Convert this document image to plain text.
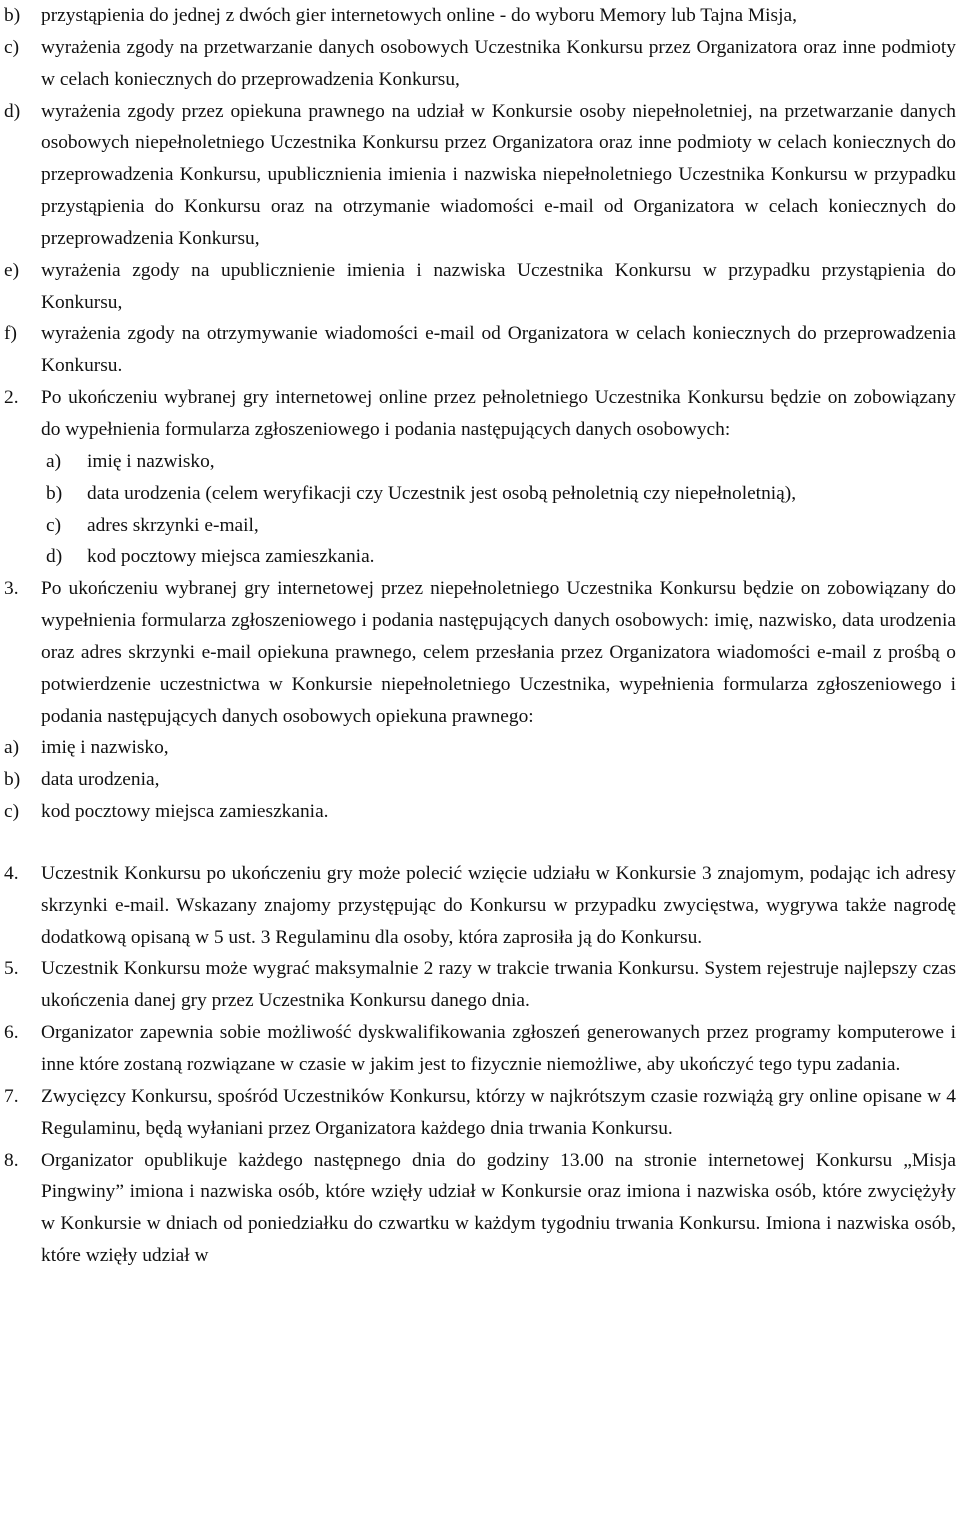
b) przystąpienia do jednej z dwóch gier internetowych online - do wyboru Memory lub Tajna Misja,
c) wyrażenia zgody na przetwarzanie danych osobowych Uczestnika Konkursu przez Organizatora oraz inne podmioty w celach koniecznych do przeprowadzenia Konkursu,
d) wyrażenia zgody przez opiekuna prawnego na udział w Konkursie osoby niepełnoletniej, na przetwarzanie danych osobowych niepełnoletniego Uczestnika Konkursu przez Organizatora oraz inne podmioty w celach koniecznych do przeprowadzenia Konkursu, upublicznienia imienia i nazwiska niepełnoletniego Uczestnika Konkursu w przypadku przystąpienia do Konkursu oraz na otrzymanie wiadomości e-mail od Organizatora w celach koniecznych do przeprowadzenia Konkursu,
e) wyrażenia zgody na upublicznienie imienia i nazwiska Uczestnika Konkursu w przypadku przystąpienia do Konkursu,
f) wyrażenia zgody na otrzymywanie wiadomości e-mail od Organizatora w celach koniecznych do przeprowadzenia Konkursu.
2. Po ukończeniu wybranej gry internetowej online przez pełnoletniego Uczestnika Konkursu będzie on zobowiązany do wypełnienia formularza zgłoszeniowego i podania następujących danych osobowych:
a) imię i nazwisko,
b) data urodzenia (celem weryfikacji czy Uczestnik jest osobą pełnoletnią czy niepełnoletnią),
c) adres skrzynki e-mail,
d) kod pocztowy miejsca zamieszkania.
3. Po ukończeniu wybranej gry internetowej przez niepełnoletniego Uczestnika Konkursu będzie on zobowiązany do wypełnienia formularza zgłoszeniowego i podania następujących danych osobowych: imię, nazwisko, data urodzenia oraz adres skrzynki e-mail opiekuna prawnego, celem przesłania przez Organizatora wiadomości e-mail z prośbą o potwierdzenie uczestnictwa w Konkursie niepełnoletniego Uczestnika, wypełnienia formularza zgłoszeniowego i podania następujących danych osobowych opiekuna prawnego:
a) imię i nazwisko,
b) data urodzenia,
c) kod pocztowy miejsca zamieszkania.
4. Uczestnik Konkursu po ukończeniu gry może polecić wzięcie udziału w Konkursie 3 znajomym, podając ich adresy skrzynki e-mail. Wskazany znajomy przystępując do Konkursu w przypadku zwycięstwa, wygrywa także nagrodę dodatkową opisaną w 5 ust. 3 Regulaminu dla osoby, która zaprosiła ją do Konkursu.
5. Uczestnik Konkursu może wygrać maksymalnie 2 razy w trakcie trwania Konkursu. System rejestruje najlepszy czas ukończenia danej gry przez Uczestnika Konkursu danego dnia.
6. Organizator zapewnia sobie możliwość dyskwalifikowania zgłoszeń generowanych przez programy komputerowe i inne które zostaną rozwiązane w czasie w jakim jest to fizycznie niemożliwe, aby ukończyć tego typu zadania.
7. Zwycięzcy Konkursu, spośród Uczestników Konkursu, którzy w najkrótszym czasie rozwiążą gry online opisane w 4 Regulaminu, będą wyłaniani przez Organizatora każdego dnia trwania Konkursu.
8. Organizator opublikuje każdego następnego dnia do godziny 13.00 na stronie internetowej Konkursu „Misja Pingwiny” imiona i nazwiska osób, które wzięły udział w Konkursie oraz imiona i nazwiska osób, które zwyciężyły w Konkursie w dniach od poniedziałku do czwartku w każdym tygodniu trwania Konkursu. Imiona i nazwiska osób, które wzięły udział w
